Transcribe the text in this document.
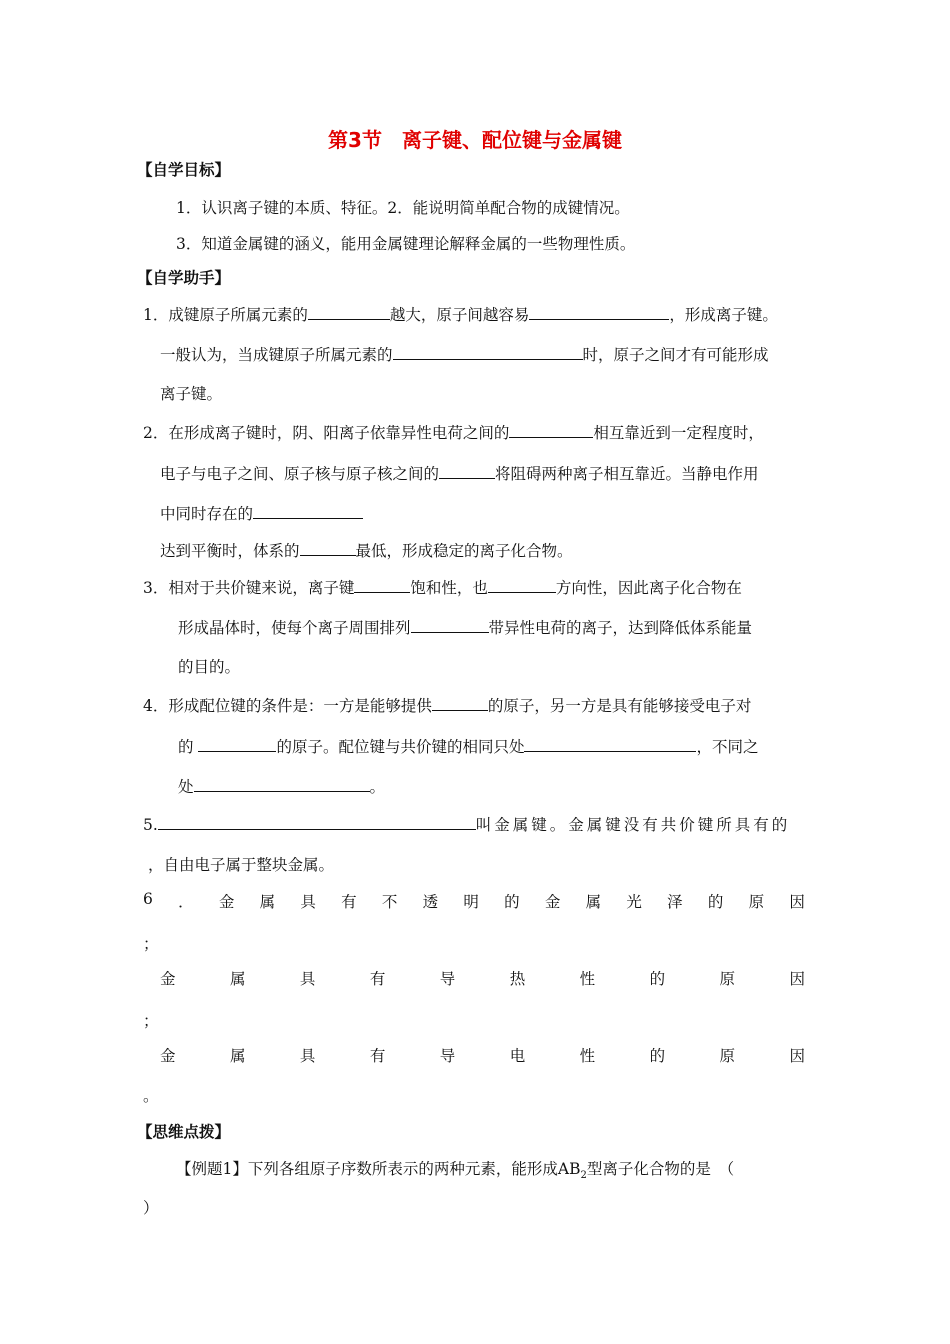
第3节　离子键、配位键与金属键
【自学目标】
1．认识离子键的本质、特征。2．能说明简单配合物的成键情况。
3．知道金属键的涵义，能用金属键理论解释金属的一些物理性质。
【自学助手】
1．成键原子所属元素的	越大，原子间越容易	，形成离子键。
一般认为，当成键原子所属元素的	时，原子之间才有可能形成
离子键。
2．在形成离子键时，阴、阳离子依靠异性电荷之间的	相互靠近到一定程度时，
电子与电子之间、原子核与原子核之间的	将阻碍两种离子相互靠近。当静电作用
中同时存在的
达到平衡时，体系的	最低，形成稳定的离子化合物。
3．相对于共价键来说，离子键	饱和性，也	方向性，因此离子化合物在
形成晶体时，使每个离子周围排列	带异性电荷的离子，达到降低体系能量
的目的。
4．形成配位键的条件是：一方是能够提供	的原子，另一方是具有能够接受电子对
的	的原子。配位键与共价键的相同只处	，不同之
处	。
5.	叫金属键。金属键没有共价键所具有的
，自由电子属于整块金属。
6 ． 金 属 具 有 不 透 明 的 金 属 光 泽 的 原 因
；
金	属	具	有	导	热	性	的	原	因
；
金	属	具	有	导	电	性	的	原	因
。
【思维点拨】
【例题1】下列各组原子序数所表示的两种元素，能形成$AB_2$型离子化合物的是　（
）
